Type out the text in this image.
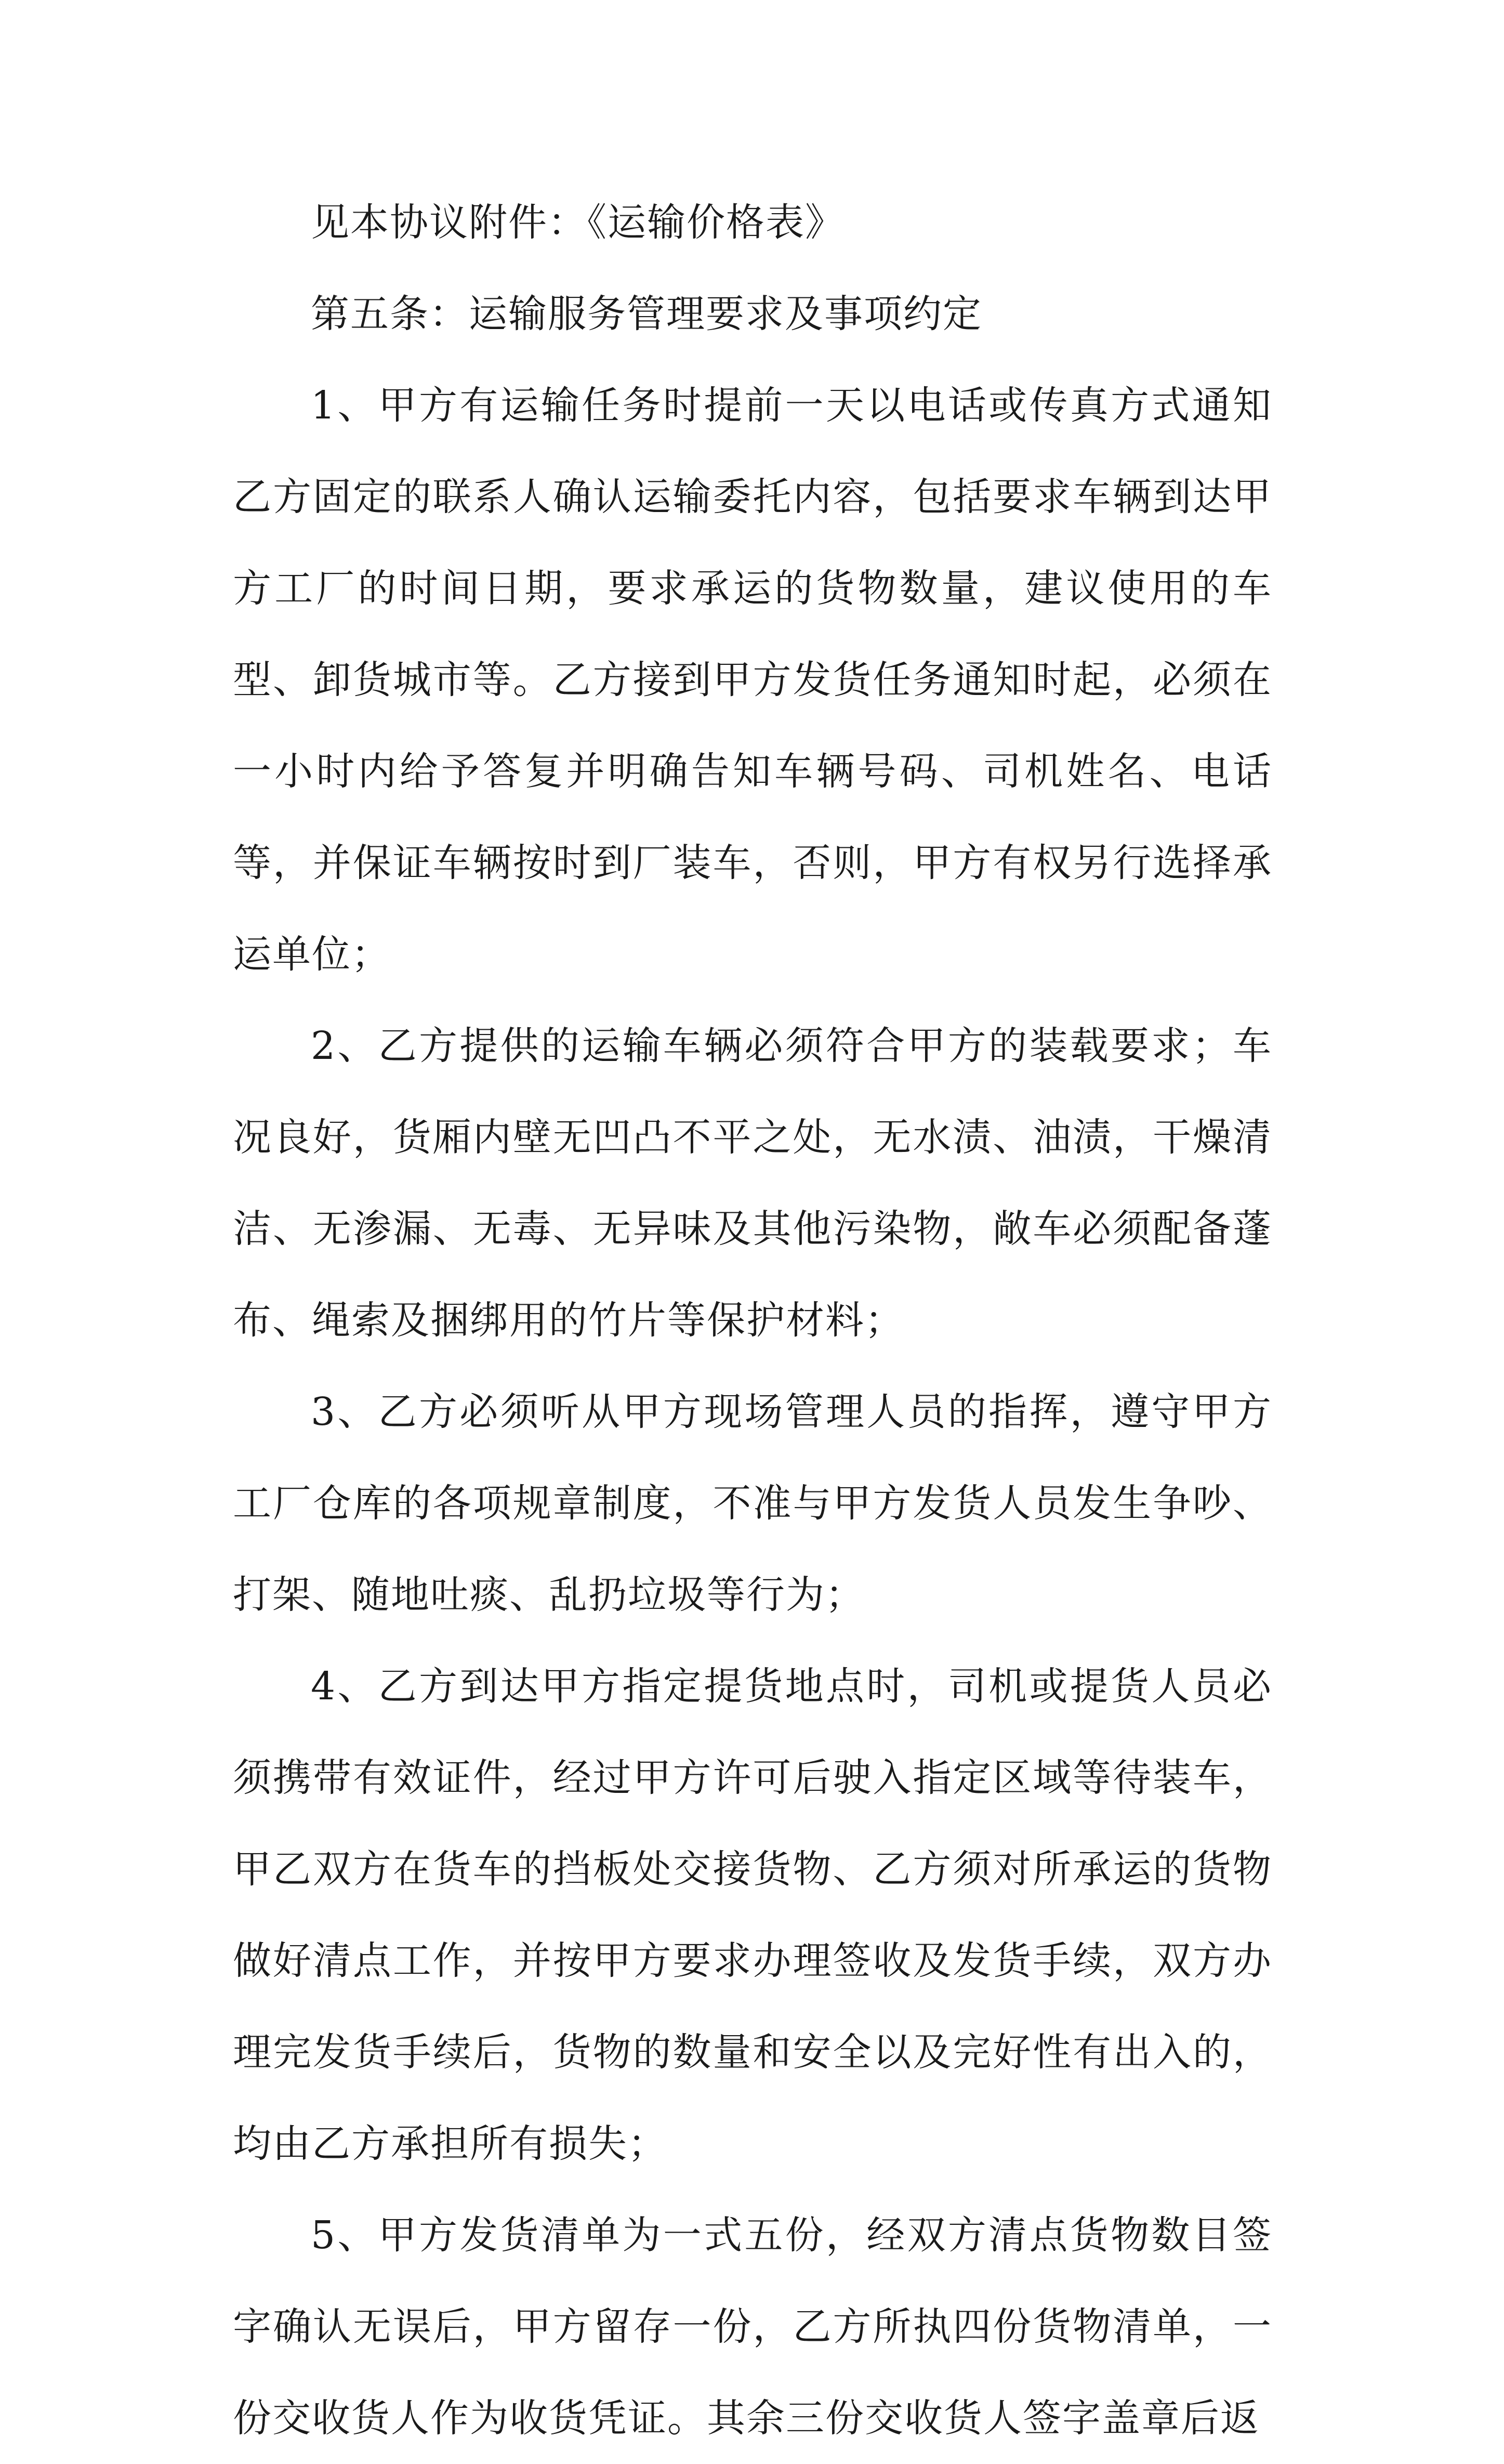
见本协议附件：《运输价格表》

第五条：运输服务管理要求及事项约定

1、甲方有运输任务时提前一天以电话或传真方式通知乙方固定的联系人确认运输委托内容，包括要求车辆到达甲方工厂的时间日期，要求承运的货物数量，建议使用的车型、卸货城市等。乙方接到甲方发货任务通知时起，必须在一小时内给予答复并明确告知车辆号码、司机姓名、电话等，并保证车辆按时到厂装车，否则，甲方有权另行选择承运单位；

2、乙方提供的运输车辆必须符合甲方的装载要求；车况良好，货厢内壁无凹凸不平之处，无水渍、油渍，干燥清洁、无渗漏、无毒、无异味及其他污染物，敞车必须配备蓬布、绳索及捆绑用的竹片等保护材料；

3、乙方必须听从甲方现场管理人员的指挥，遵守甲方工厂仓库的各项规章制度，不准与甲方发货人员发生争吵、打架、随地吐痰、乱扔垃圾等行为；

4、乙方到达甲方指定提货地点时，司机或提货人员必须携带有效证件，经过甲方许可后驶入指定区域等待装车，甲乙双方在货车的挡板处交接货物、乙方须对所承运的货物做好清点工作，并按甲方要求办理签收及发货手续，双方办理完发货手续后，货物的数量和安全以及完好性有出入的，均由乙方承担所有损失；

5、甲方发货清单为一式五份，经双方清点货物数目签字确认无误后，甲方留存一份，乙方所执四份货物清单，一份交收货人作为收货凭证。其余三份交收货人签字盖章后返
